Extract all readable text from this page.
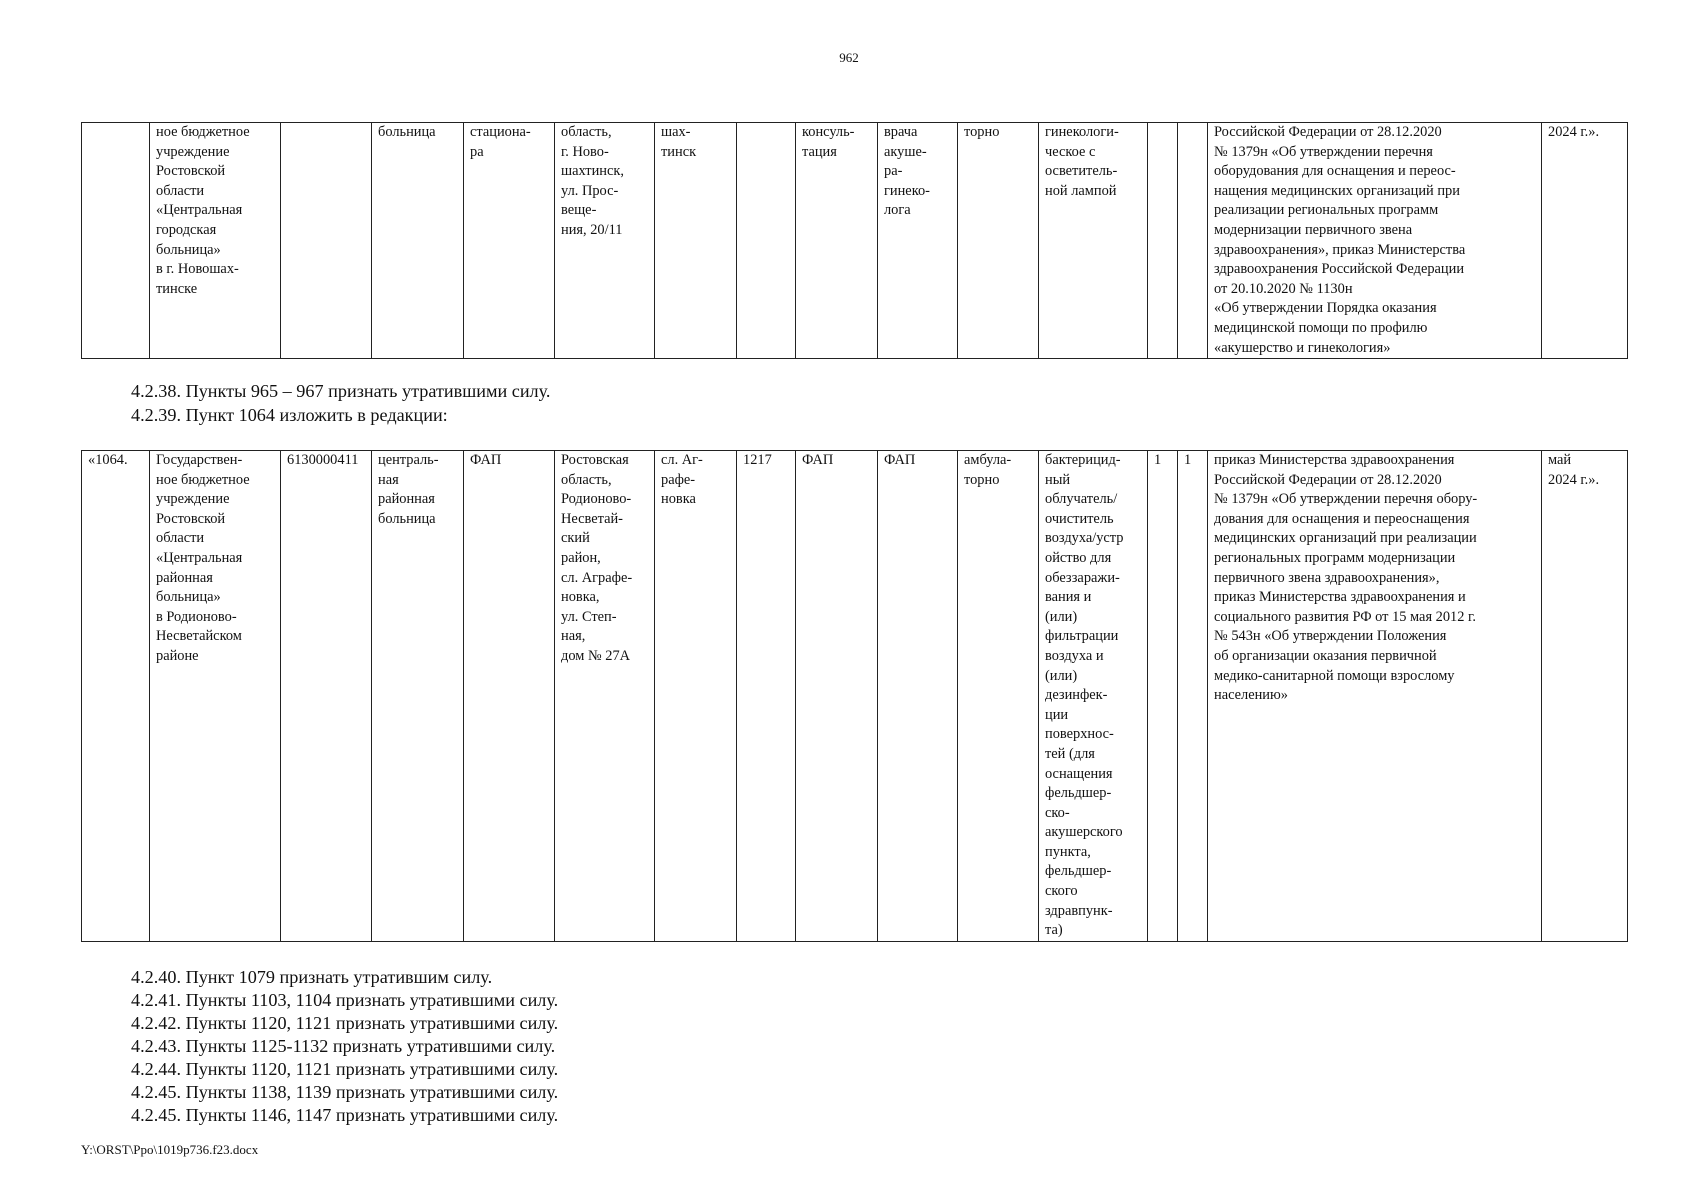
962
	ное бюджетное
учреждение
Ростовской
области
«Центральная
городская
больница»
в г. Новошах-
тинске		больница	стациона-
ра	область,
г. Ново-
шахтинск,
ул. Прос-
веще-
ния, 20/11	шах-
тинск		консуль-
тация	врача
акуше-
ра-
гинеко-
лога	торно	гинекологи-
ческое с
осветитель-
ной лампой			Российской Федерации от 28.12.2020
№ 1379н «Об утверждении перечня
оборудования для оснащения и переос-
нащения медицинских организаций при
реализации региональных программ
модернизации первичного звена
здравоохранения», приказ Министерства
здравоохранения Российской Федерации
от 20.10.2020 № 1130н
«Об утверждении Порядка оказания
медицинской помощи по профилю
«акушерство и гинекология»	2024 г.».
4.2.38. Пункты 965 – 967 признать утратившими силу.
4.2.39. Пункт 1064 изложить в редакции:
«1064.	Государствен-
ное бюджетное
учреждение
Ростовской
области
«Центральная
районная
больница»
в Родионово-
Несветайском
районе	6130000411	централь-
ная
районная
больница	ФАП	Ростовская
область,
Родионово-
Несветай-
ский
район,
сл. Аграфе-
новка,
ул. Степ-
ная,
дом № 27А	сл. Аг-
рафе-
новка	1217	ФАП	ФАП	амбула-
торно	бактерицид-
ный
облучатель/
очиститель
воздуха/устр
ойство для
обеззаражи-
вания и
(или)
фильтрации
воздуха и
(или)
дезинфек-
ции
поверхнос-
тей (для
оснащения
фельдшер-
ско-
акушерского
пункта,
фельдшер-
ского
здравпунк-
та)	1	1	приказ Министерства здравоохранения
Российской Федерации от 28.12.2020
№ 1379н «Об утверждении перечня обору-
дования для оснащения и переоснащения
медицинских организаций при реализации
региональных программ модернизации
первичного звена здравоохранения»,
приказ Министерства здравоохранения и
социального развития РФ от 15 мая 2012 г.
№ 543н «Об утверждении Положения
об организации оказания первичной
медико-санитарной помощи взрослому
населению»	май
2024 г.».
4.2.40. Пункт 1079 признать утратившим силу.
4.2.41. Пункты 1103, 1104 признать утратившими силу.
4.2.42. Пункты 1120, 1121 признать утратившими силу.
4.2.43. Пункты 1125-1132 признать утратившими силу.
4.2.44. Пункты 1120, 1121 признать утратившими силу.
4.2.45. Пункты 1138, 1139 признать утратившими силу.
4.2.45. Пункты 1146, 1147 признать утратившими силу.
Y:\ORST\Ppo\1019p736.f23.docx
